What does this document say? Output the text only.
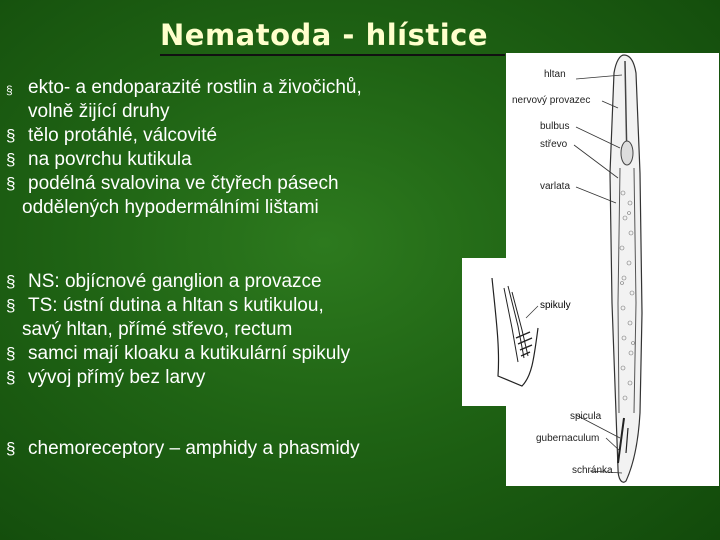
Nematoda - hlístice
§ ekto- a endoparazité rostlin a živočichů,
volně žijící druhy
§ tělo protáhlé, válcovité
§ na povrchu kutikula
§ podélná svalovina ve čtyřech pásech
oddělených hypodermálními lištami
§ NS: objícnové ganglion a provazce
§ TS: ústní dutina a hltan s kutikulou,
savý hltan, přímé střevo, rectum
§ samci mají kloaku a kutikulární spikuly
§ vývoj přímý bez larvy
§ chemoreceptory – amphidy a phasmidy
hltan
nervový provazec
bulbus
střevo
varlata
spicula
gubernaculum
schránka
spikuly
